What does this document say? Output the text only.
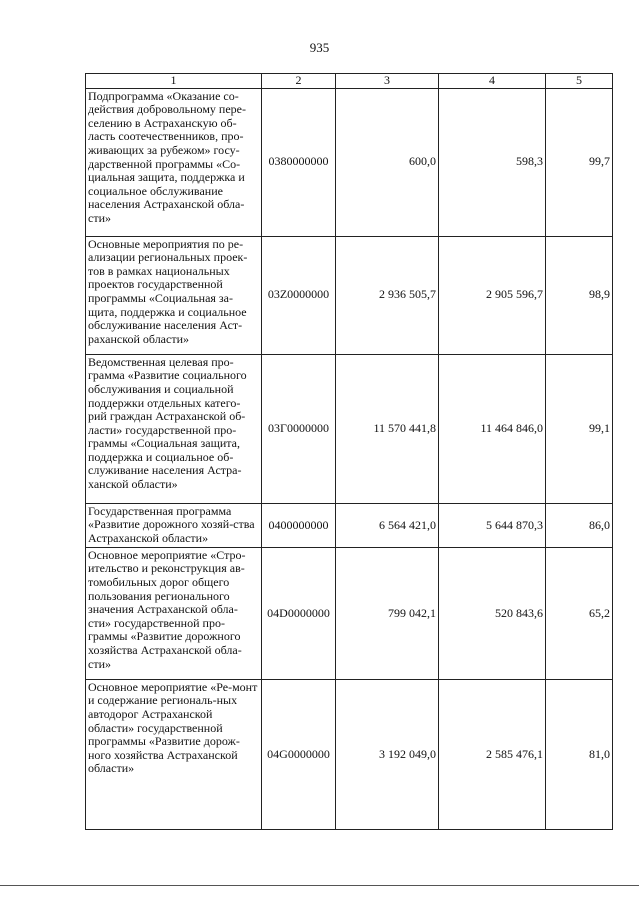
935
1	2	3	4	5
Подпрограмма «Оказание со-действия добровольному пере-селению в Астраханскую об-ласть соотечественников, про-живающих за рубежом» госу-дарственной программы «Со-циальная защита, поддержка и социальное обслуживание населения Астраханской обла-сти»	0380000000	600,0	598,3	99,7
Основные мероприятия по ре-ализации региональных проек-тов в рамках национальных проектов государственной программы «Социальная за-щита, поддержка и социальное обслуживание населения Аст-раханской области»	03Z0000000	2 936 505,7	2 905 596,7	98,9
Ведомственная целевая про-грамма «Развитие социального обслуживания и социальной поддержки отдельных катего-рий граждан Астраханской об-ласти» государственной про-граммы «Социальная защита, поддержка и социальное об-служивание населения Астра-ханской области»	03Г0000000	11 570 441,8	11 464 846,0	99,1
Государственная программа «Развитие дорожного хозяй-ства Астраханской области»	0400000000	6 564 421,0	5 644 870,3	86,0
Основное мероприятие «Стро-ительство и реконструкция ав-томобильных дорог общего пользования регионального значения Астраханской обла-сти» государственной про-граммы «Развитие дорожного хозяйства Астраханской обла-сти»	04D0000000	799 042,1	520 843,6	65,2
Основное мероприятие «Ре-монт и содержание региональ-ных автодорог Астраханской области» государственной программы «Развитие дорож-ного хозяйства Астраханской области»	04G0000000	3 192 049,0	2 585 476,1	81,0
